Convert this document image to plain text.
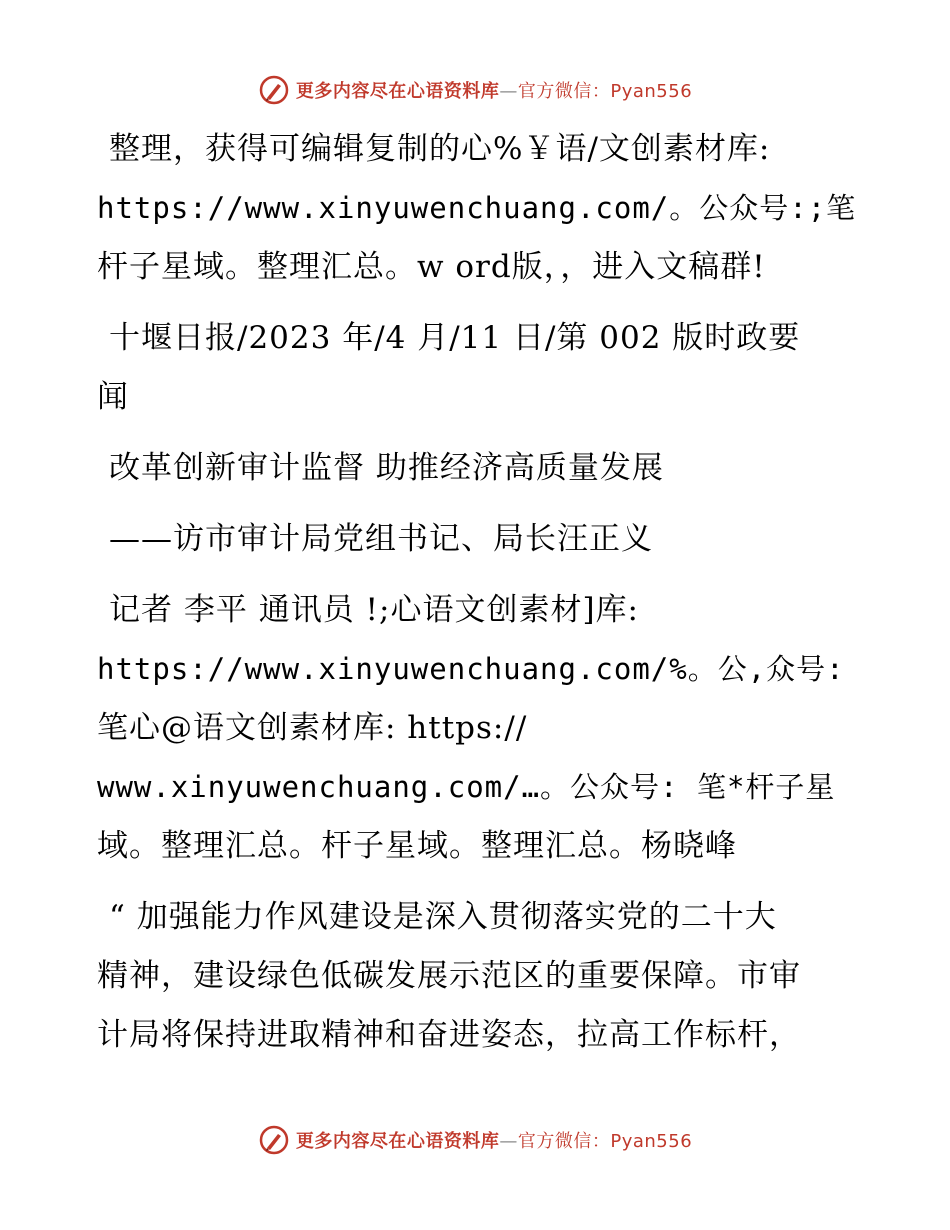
更多内容尽在心语资料库—官方微信：Pyan556
整理，获得可编辑复制的心%￥语/文创素材库:
https://www.xinyuwenchuang.com/。公众号:;笔
杆子星域。整理汇总。w ord版，，进入文稿群!
十堰日报/2023 年/4 月/11 日/第 002 版时政要
闻
改革创新审计监督 助推经济高质量发展
——访市审计局党组书记、局长汪正义
记者 李平 通讯员 !;心语文创素材]库:
https://www.xinyuwenchuang.com/%。公,众号:
笔心@语文创素材库: https://
www.xinyuwenchuang.com/…。公众号: 笔*杆子星
域。整理汇总。杆子星域。整理汇总。杨晓峰
“ 加强能力作风建设是深入贯彻落实党的二十大
精神，建设绿色低碳发展示范区的重要保障。市审
计局将保持进取精神和奋进姿态，拉高工作标杆，
更多内容尽在心语资料库—官方微信：Pyan556
